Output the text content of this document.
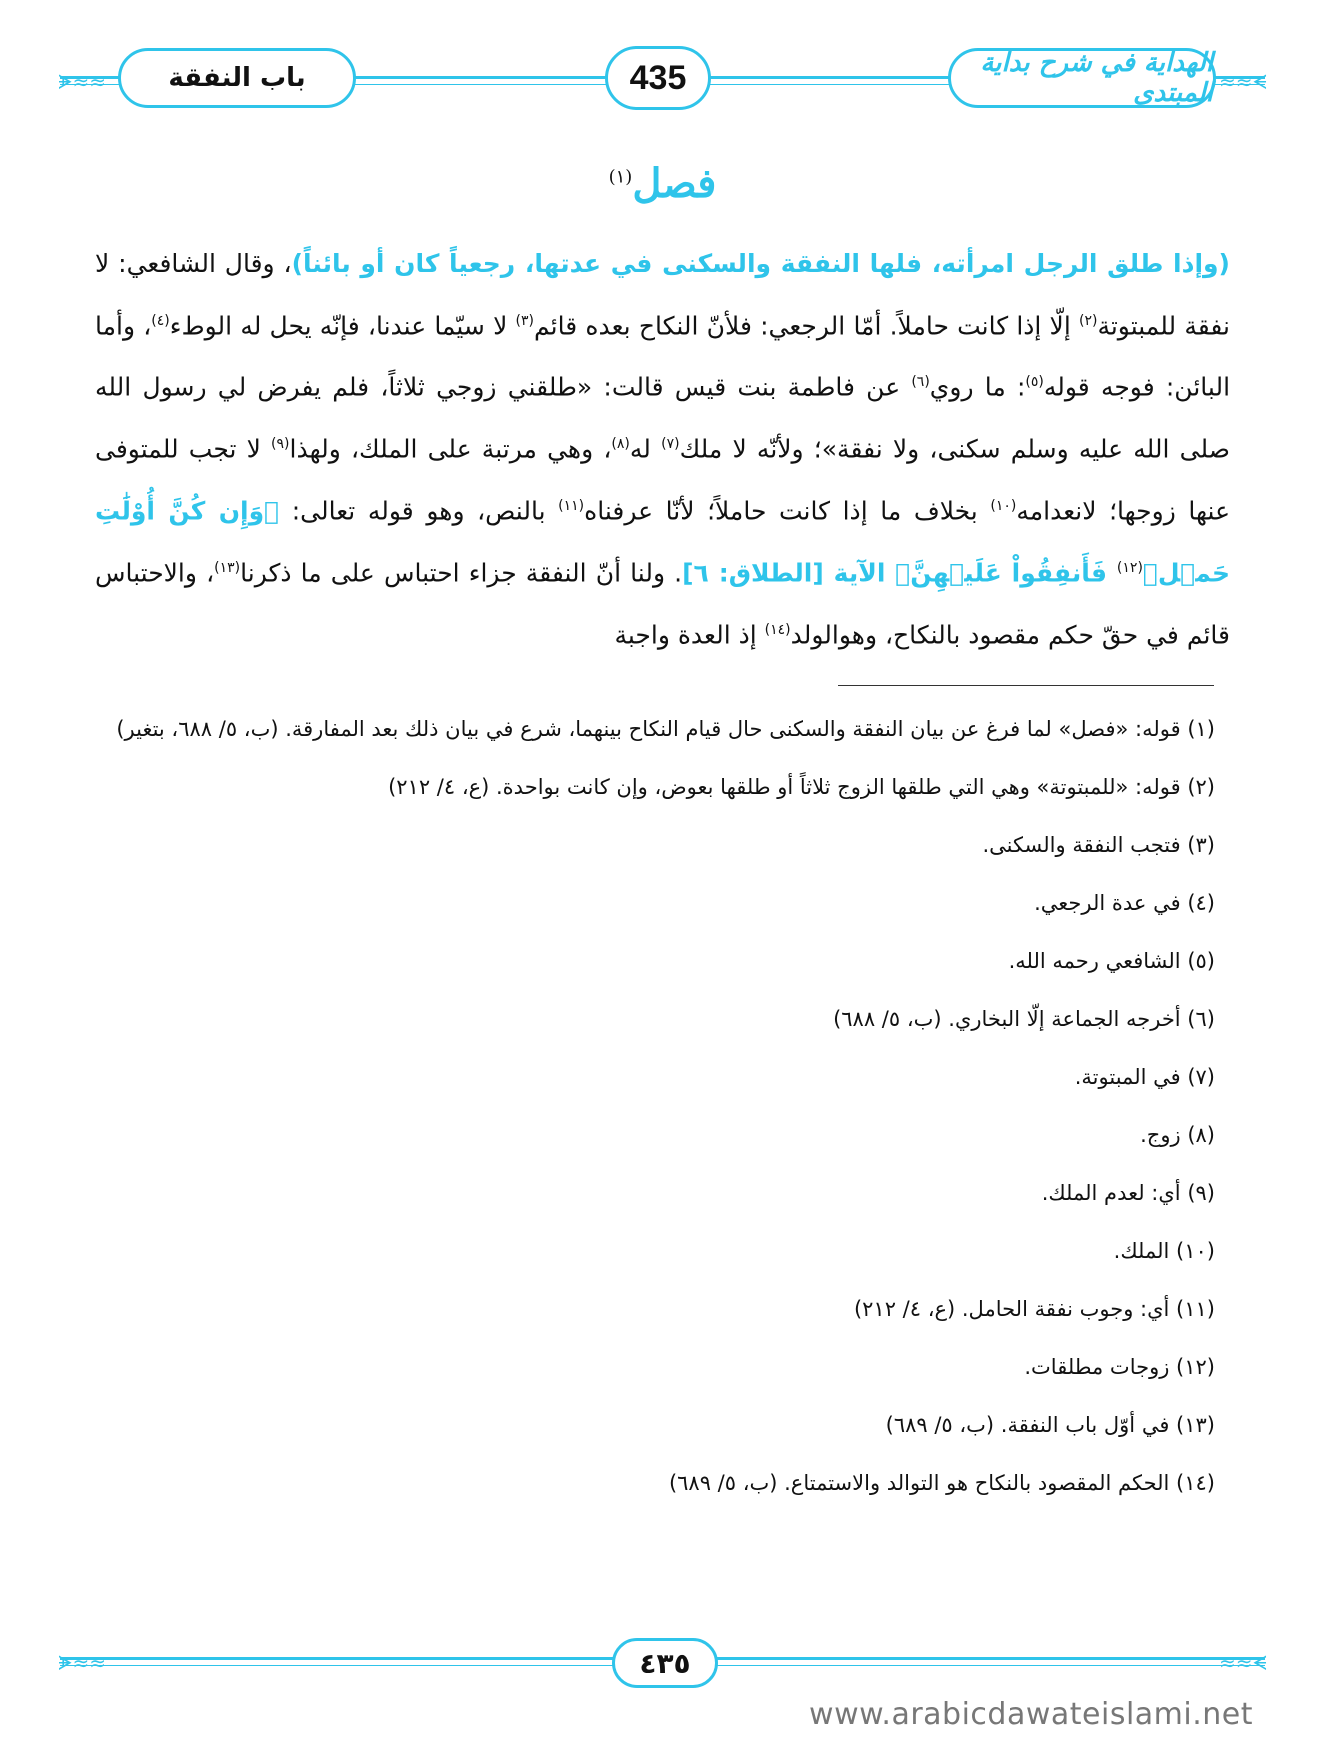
ᗘ≈≈	≈≈ᗕ
باب النفقة	435	الهداية في شرح بداية المبتدي
فصل$^{(١)}$
(وإذا طلق الرجل امرأته، فلها النفقة والسكنى في عدتها، رجعياً كان أو بائناً)، وقال الشافعي: لا نفقة للمبتوتة$^{(٢)}$ إلّا إذا كانت حاملاً. أمّا الرجعي: فلأنّ النكاح بعده قائم$^{(٣)}$ لا سيّما عندنا، فإنّه يحل له الوطء$^{(٤)}$، وأما البائن: فوجه قوله$^{(٥)}$: ما روي$^{(٦)}$ عن فاطمة بنت قيس قالت: «طلقني زوجي ثلاثاً، فلم يفرض لي رسول الله صلى الله عليه وسلم سكنى، ولا نفقة»؛ ولأنّه لا ملك$^{(٧)}$ له$^{(٨)}$، وهي مرتبة على الملك، ولهذا$^{(٩)}$ لا تجب للمتوفى عنها زوجها؛ لانعدامه$^{(١٠)}$ بخلاف ما إذا كانت حاملاً؛ لأنّا عرفناه$^{(١١)}$ بالنص، وهو قوله تعالى: ﴿وَإِن كُنَّ أُوْلَٰتِ حَمۡلٖ$^{(١٢)}$ فَأَنفِقُواْ عَلَيۡهِنَّ﴾ الآية [الطلاق: ٦]. ولنا أنّ النفقة جزاء احتباس على ما ذكرنا$^{(١٣)}$، والاحتباس قائم في حقّ حكم مقصود بالنكاح، وهوالولد$^{(١٤)}$ إذ العدة واجبة
(١) قوله: «فصل» لما فرغ عن بيان النفقة والسكنى حال قيام النكاح بينهما، شرع في بيان ذلك بعد المفارقة. (ب، ٥/ ٦٨٨، بتغير)
(٢) قوله: «للمبتوتة» وهي التي طلقها الزوج ثلاثاً أو طلقها بعوض، وإن كانت بواحدة. (ع، ٤/ ٢١٢)
(٣) فتجب النفقة والسكنى.
(٤) في عدة الرجعي.
(٥) الشافعي رحمه الله.
(٦) أخرجه الجماعة إلّا البخاري. (ب، ٥/ ٦٨٨)
(٧) في المبتوتة.
(٨) زوج.
(٩) أي: لعدم الملك.
(١٠) الملك.
(١١) أي: وجوب نفقة الحامل. (ع، ٤/ ٢١٢)
(١٢) زوجات مطلقات.
(١٣) في أوّل باب النفقة. (ب، ٥/ ٦٨٩)
(١٤) الحكم المقصود بالنكاح هو التوالد والاستمتاع. (ب، ٥/ ٦٨٩)
ᗘ≈≈	≈≈ᗕ
٤٣٥
www.arabicdawateislami.net
